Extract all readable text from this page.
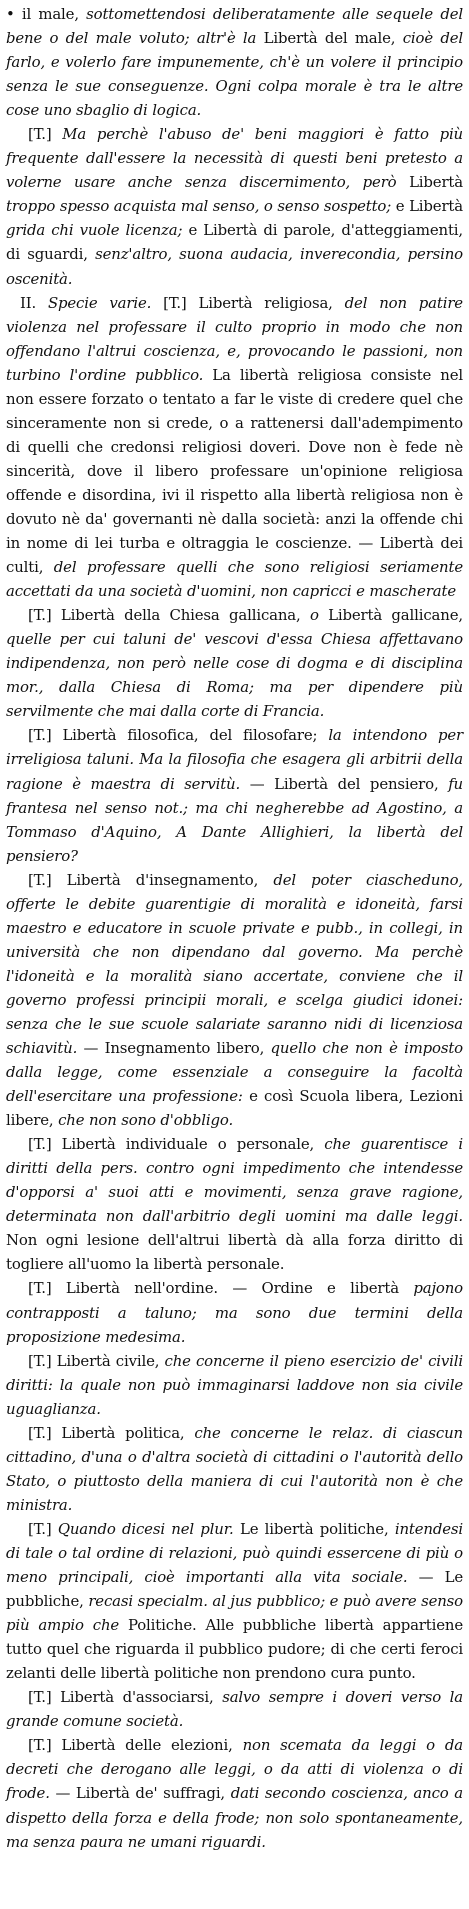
• il male, sottomettendosi deliberatamente alle sequele del bene o del male voluto; altr'è la Libertà del male, cioè del farlo, e volerlo fare impunemente, ch'è un volere il principio senza le sue conseguenze. Ogni colpa morale è tra le altre cose uno sbaglio di logica.

[T.] Ma perchè l'abuso de' beni maggiori è fatto più frequente dall'essere la necessità di questi beni pretesto a volerne usare anche senza discernimento, però Libertà troppo spesso acquista mal senso, o senso sospetto; e Libertà grida chi vuole licenza; e Libertà di parole, d'atteggiamenti, di sguardi, senz'altro, suona audacia, inverecondia, persino oscenità.

II. Specie varie. [T.] Libertà religiosa, del non patire violenza nel professare il culto proprio in modo che non offendano l'altrui coscienza, e, provocando le passioni, non turbino l'ordine pubblico. La libertà religiosa consiste nel non essere forzato o tentato a far le viste di credere quel che sinceramente non si crede, o a rattenersi dall'adempimento di quelli che credonsi religiosi doveri. Dove non è fede nè sincerità, dove il libero professare un'opinione religiosa offende e disordina, ivi il rispetto alla libertà religiosa non è dovuto nè da' governanti nè dalla società: anzi la offende chi in nome di lei turba e oltraggia le coscienze. — Libertà dei culti, del professare quelli che sono religiosi seriamente accettati da una società d'uomini, non capricci e mascherate

[T.] Libertà della Chiesa gallicana, o Libertà gallicane, quelle per cui taluni de' vescovi d'essa Chiesa affettavano indipendenza, non però nelle cose di dogma e di disciplina mor., dalla Chiesa di Roma; ma per dipendere più servilmente che mai dalla corte di Francia.

[T.] Libertà filosofica, del filosofare; la intendono per irreligiosa taluni. Ma la filosofia che esagera gli arbitrii della ragione è maestra di servitù. — Libertà del pensiero, fu frantesa nel senso not.; ma chi negherebbe ad Agostino, a Tommaso d'Aquino, A Dante Allighieri, la libertà del pensiero?

[T.] Libertà d'insegnamento, del poter ciascheduno, offerte le debite guarentigie di moralità e idoneità, farsi maestro e educatore in scuole private e pubb., in collegi, in università che non dipendano dal governo. Ma perchè l'idoneità e la moralità siano accertate, conviene che il governo professi principii morali, e scelga giudici idonei: senza che le sue scuole salariate saranno nidi di licenziosa schiavitù. — Insegnamento libero, quello che non è imposto dalla legge, come essenziale a conseguire la facoltà dell'esercitare una professione: e così Scuola libera, Lezioni libere, che non sono d'obbligo.

[T.] Libertà individuale o personale, che guarentisce i diritti della pers. contro ogni impedimento che intendesse d'opporsi a' suoi atti e movimenti, senza grave ragione, determinata non dall'arbitrio degli uomini ma dalle leggi. Non ogni lesione dell'altrui libertà dà alla forza diritto di togliere all'uomo la libertà personale.

[T.] Libertà nell'ordine. — Ordine e libertà pajono contrapposti a taluno; ma sono due termini della proposizione medesima.

[T.] Libertà civile, che concerne il pieno esercizio de' civili diritti: la quale non può immaginarsi laddove non sia civile uguaglianza.

[T.] Libertà politica, che concerne le relaz. di ciascun cittadino, d'una o d'altra società di cittadini o l'autorità dello Stato, o piuttosto della maniera di cui l'autorità non è che ministra.

[T.] Quando dicesi nel plur. Le libertà politiche, intendesi di tale o tal ordine di relazioni, può quindi essercene di più o meno principali, cioè importanti alla vita sociale. — Le pubbliche, recasi specialm. al jus pubblico; e può avere senso più ampio che Politiche. Alle pubbliche libertà appartiene tutto quel che riguarda il pubblico pudore; di che certi feroci zelanti delle libertà politiche non prendono cura punto.

[T.] Libertà d'associarsi, salvo sempre i doveri verso la grande comune società.

[T.] Libertà delle elezioni, non scemata da leggi o da decreti che derogano alle leggi, o da atti di violenza o di frode. — Libertà de' suffragi, dati secondo coscienza, anco a dispetto della forza e della frode; non solo spontaneamente, ma senza paura ne umani riguardi.
